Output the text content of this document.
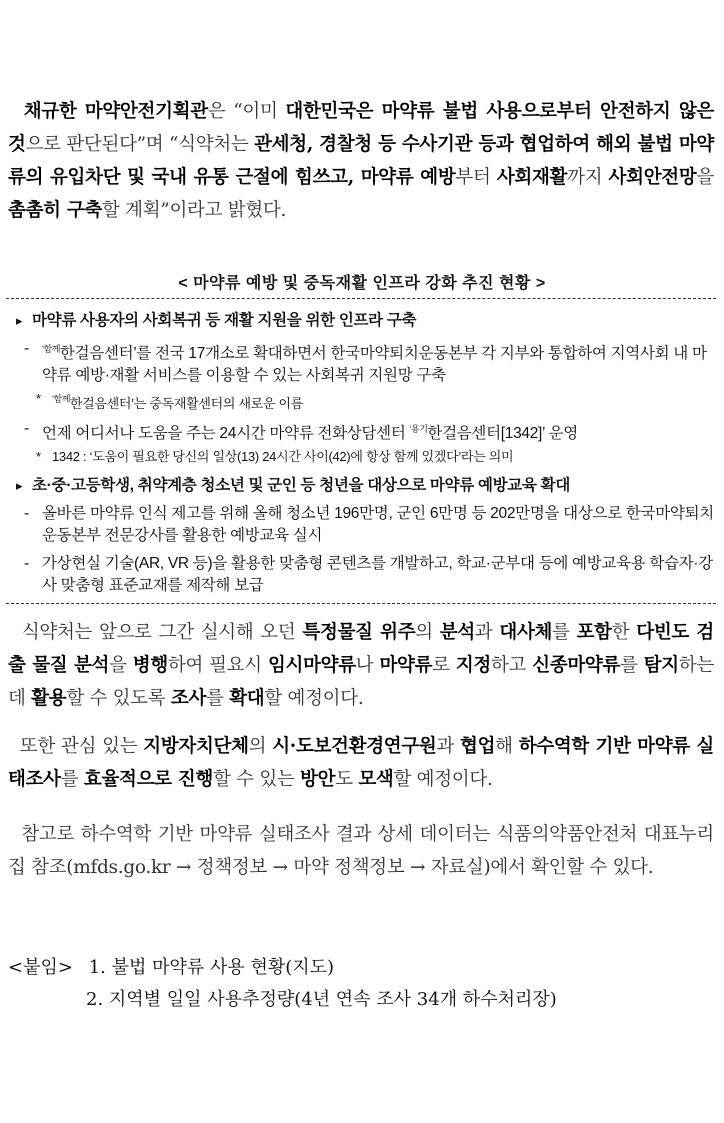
채규한 마약안전기획관은 “이미 대한민국은 마약류 불법 사용으로부터 안전하지 않은 것으로 판단된다”며 “식약처는 관세청, 경찰청 등 수사기관 등과 협업하여 해외 불법 마약류의 유입차단 및 국내 유통 근절에 힘쓰고, 마약류 예방부터 사회재활까지 사회안전망을 촘촘히 구축할 계획”이라고 밝혔다.
< 마약류 예방 및 중독재활 인프라 강화 추진 현황 >
▸ 마약류 사용자의 사회복귀 등 재활 지원을 위한 인프라 구축
- $^{‘함께}$한걸음센터’를 전국 17개소로 확대하면서 한국마약퇴치운동본부 각 지부와 통합하여 지역사회 내 마약류 예방·재활 서비스를 이용할 수 있는 사회복귀 지원망 구축
* $^{‘함께}$한걸음센터’는 중독재활센터의 새로운 이름
- 언제 어디서나 도움을 주는 24시간 마약류 전화상담센터 $^{‘용기}$한걸음센터[1342]’ 운영
* 1342 : ‘도움이 필요한 당신의 일상(13) 24시간 사이(42)에 항상 함께 있겠다’라는 의미
▸ 초·중·고등학생, 취약계층 청소년 및 군인 등 청년을 대상으로 마약류 예방교육 확대
- 올바른 마약류 인식 제고를 위해 올해 청소년 196만명, 군인 6만명 등 202만명을 대상으로 한국마약퇴치운동본부 전문강사를 활용한 예방교육 실시
- 가상현실 기술(AR, VR 등)을 활용한 맞춤형 콘텐츠를 개발하고, 학교·군부대 등에 예방교육용 학습자·강사 맞춤형 표준교재를 제작해 보급
식약처는 앞으로 그간 실시해 오던 특정물질 위주의 분석과 대사체를 포함한 다빈도 검출 물질 분석을 병행하여 필요시 임시마약류나 마약류로 지정하고 신종마약류를 탐지하는데 활용할 수 있도록 조사를 확대할 예정이다.
또한 관심 있는 지방자치단체의 시·도보건환경연구원과 협업해 하수역학 기반 마약류 실태조사를 효율적으로 진행할 수 있는 방안도 모색할 예정이다.
참고로 하수역학 기반 마약류 실태조사 결과 상세 데이터는 식품의약품안전처 대표누리집 참조(mfds.go.kr → 정책정보 → 마약 정책정보 → 자료실)에서 확인할 수 있다.
<붙임> 1. 불법 마약류 사용 현황(지도)
2. 지역별 일일 사용추정량(4년 연속 조사 34개 하수처리장)
